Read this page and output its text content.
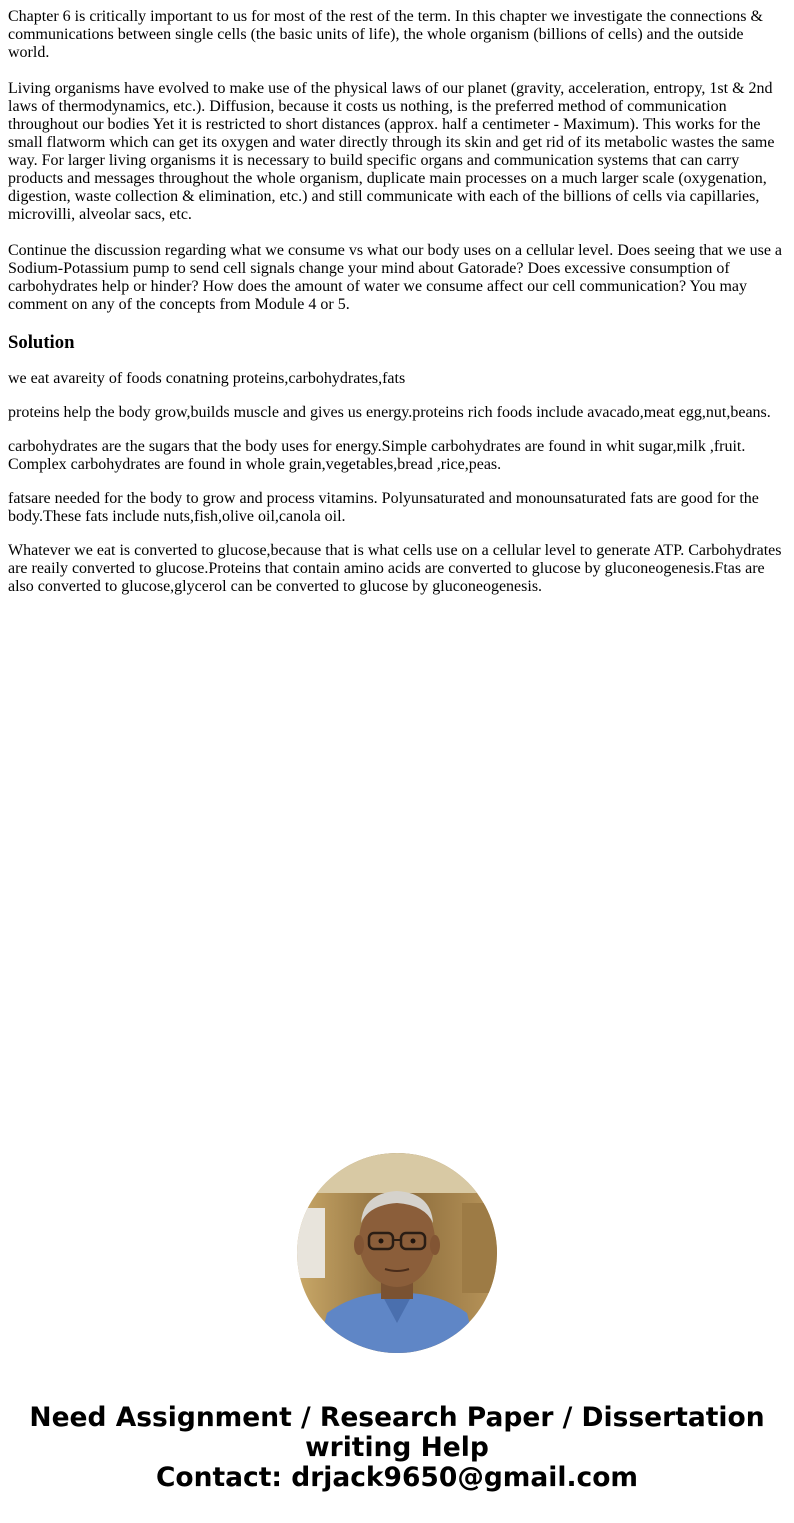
Chapter 6 is critically important to us for most of the rest of the term. In this chapter we investigate the connections & communications between single cells (the basic units of life), the whole organism (billions of cells) and the outside world.

Living organisms have evolved to make use of the physical laws of our planet (gravity, acceleration, entropy, 1st & 2nd laws of thermodynamics, etc.). Diffusion, because it costs us nothing, is the preferred method of communication throughout our bodies Yet it is restricted to short distances (approx. half a centimeter - Maximum). This works for the small flatworm which can get its oxygen and water directly through its skin and get rid of its metabolic wastes the same way. For larger living organisms it is necessary to build specific organs and communication systems that can carry products and messages throughout the whole organism, duplicate main processes on a much larger scale (oxygenation, digestion, waste collection & elimination, etc.) and still communicate with each of the billions of cells via capillaries, microvilli, alveolar sacs, etc.

Continue the discussion regarding what we consume vs what our body uses on a cellular level. Does seeing that we use a Sodium-Potassium pump to send cell signals change your mind about Gatorade? Does excessive consumption of carbohydrates help or hinder? How does the amount of water we consume affect our cell communication? You may comment on any of the concepts from Module 4 or 5.

Solution

we eat avareity of foods conatning proteins,carbohydrates,fats

proteins help the body grow,builds muscle and gives us energy.proteins rich foods include avacado,meat egg,nut,beans.

carbohydrates are the sugars that the body uses for energy.Simple carbohydrates are found in whit sugar,milk ,fruit. Complex carbohydrates are found in whole grain,vegetables,bread ,rice,peas.

fatsare needed for the body to grow and process vitamins. Polyunsaturated and monounsaturated fats are good for the body.These fats include nuts,fish,olive oil,canola oil.

Whatever we eat is converted to glucose,because that is what cells use on a cellular level to generate ATP. Carbohydrates are reaily converted to glucose.Proteins that contain amino acids are converted to glucose by gluconeogenesis.Ftas are also converted to glucose,glycerol can be converted to glucose by gluconeogenesis.

Need Assignment / Research Paper / Dissertation
writing Help
Contact: drjack9650@gmail.com
